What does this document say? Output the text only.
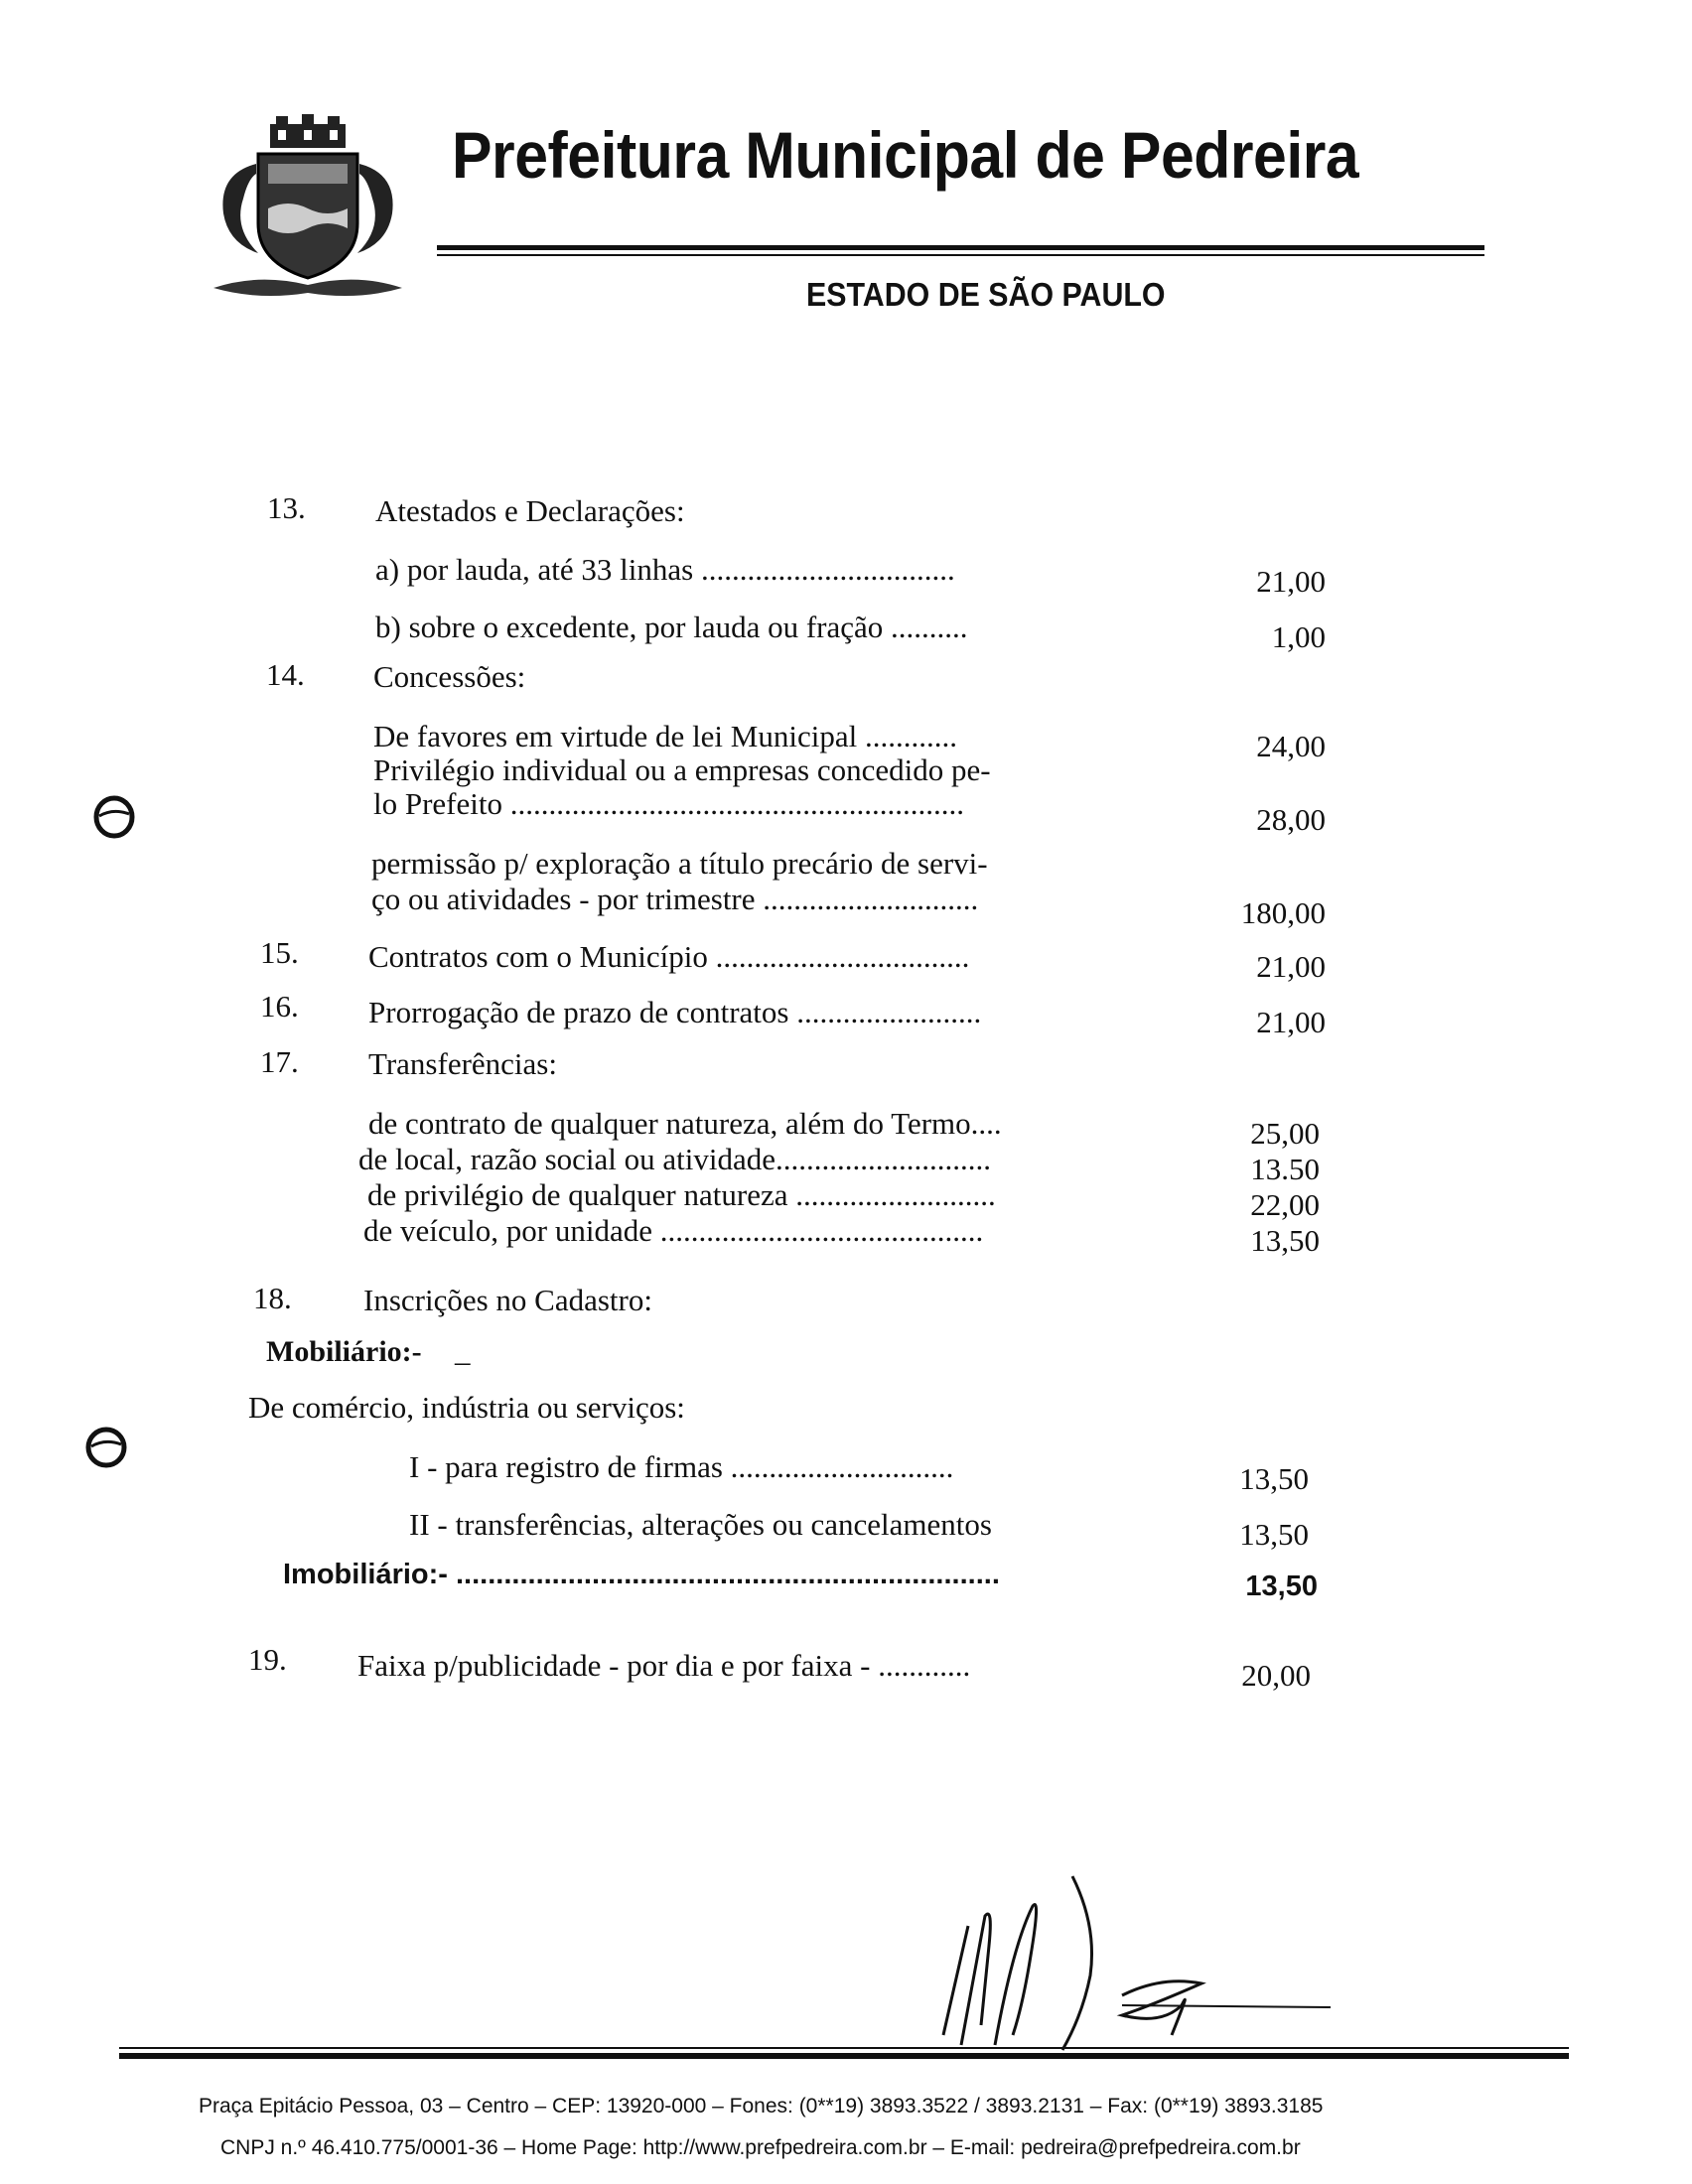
Prefeitura Municipal de Pedreira
ESTADO DE SÃO PAULO
13. Atestados e Declarações:
a) por lauda, até 33 linhas .................................	21,00
b) sobre o excedente, por lauda ou fração ..........	1,00
14. Concessões:
De favores em virtude de lei Municipal ............	24,00
Privilégio individual ou a empresas concedido pe-
lo Prefeito ...........................................................	28,00
permissão p/ exploração a título precário de servi-
ço ou atividades - por trimestre ............................	180,00
15. Contratos com o Município .................................	21,00
16. Prorrogação de prazo de contratos ........................	21,00
17. Transferências:
de contrato de qualquer natureza, além do Termo....	25,00
de local, razão social ou atividade............................	13.50
de privilégio de qualquer natureza ..........................	22,00
de veículo, por unidade ..........................................	13,50
18. Inscrições no Cadastro:
Mobiliário:- _
De comércio, indústria ou serviços:
I - para registro de firmas .............................	13,50
II - transferências, alterações ou cancelamentos	13,50
Imobiliário:- ....................................................................	13,50
19. Faixa p/publicidade - por dia e por faixa - ............	20,00
Praça Epitácio Pessoa, 03 – Centro – CEP: 13920-000 – Fones: (0**19) 3893.3522 / 3893.2131 – Fax: (0**19) 3893.3185
CNPJ n.º 46.410.775/0001-36 – Home Page: http://www.prefpedreira.com.br – E-mail: pedreira@prefpedreira.com.br
